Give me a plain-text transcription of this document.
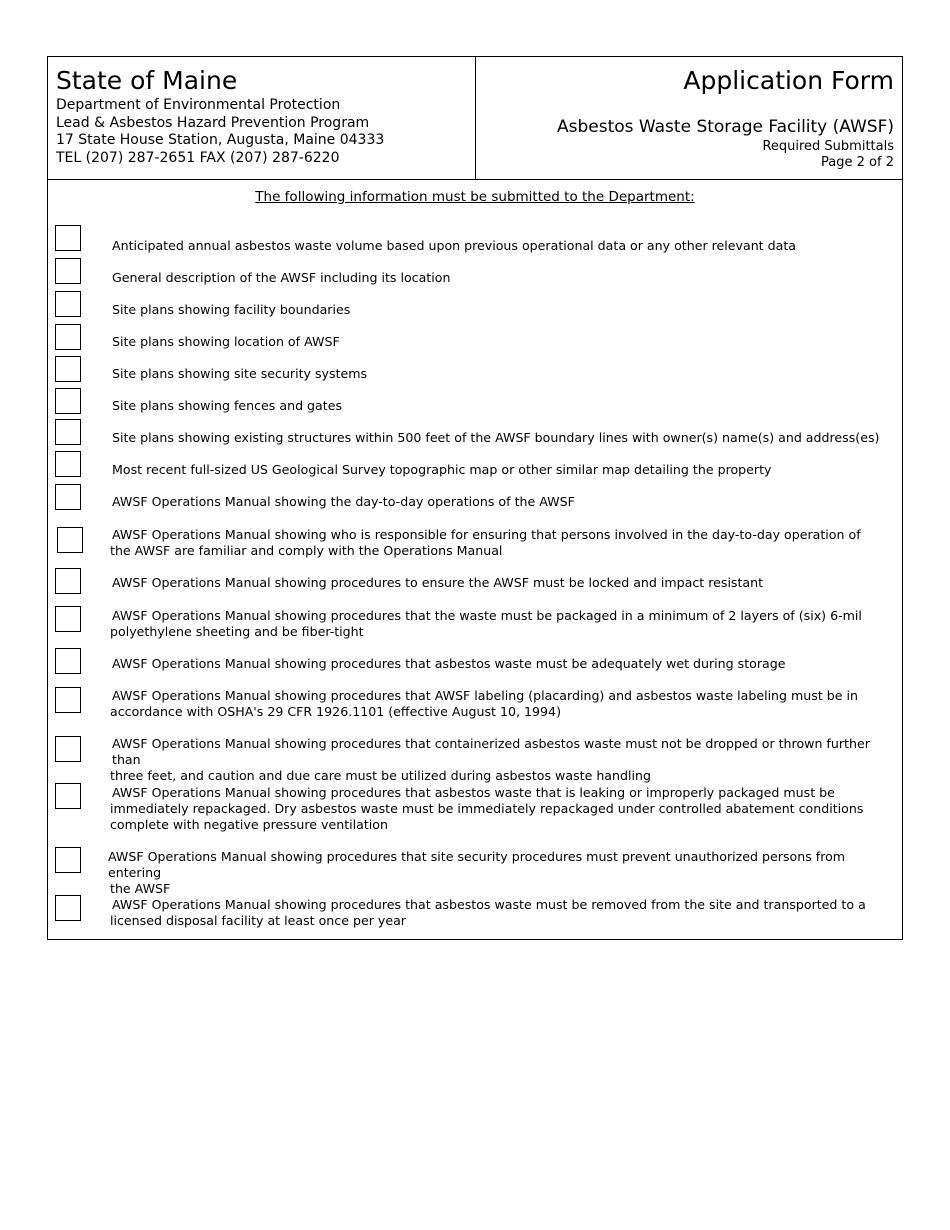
State of Maine
Department of Environmental Protection
Lead & Asbestos Hazard Prevention Program
17 State House Station, Augusta, Maine 04333
TEL (207) 287-2651 FAX (207) 287-6220
Application Form
Asbestos Waste Storage Facility (AWSF)
Required Submittals
Page 2 of 2
The following information must be submitted to the Department:
Anticipated annual asbestos waste volume based upon previous operational data or any other relevant data
General description of the AWSF including its location
Site plans showing facility boundaries
Site plans showing location of AWSF
Site plans showing site security systems
Site plans showing fences and gates
Site plans showing existing structures within 500 feet of the AWSF boundary lines with owner(s) name(s) and address(es)
Most recent full-sized US Geological Survey topographic map or other similar map detailing the property
AWSF Operations Manual showing the day-to-day operations of the AWSF
AWSF Operations Manual showing who is responsible for ensuring that persons involved in the day-to-day operation of
the AWSF are familiar and comply with the Operations Manual
AWSF Operations Manual showing procedures to ensure the AWSF must be locked and impact resistant
AWSF Operations Manual showing procedures that the waste must be packaged in a minimum of 2 layers of (six) 6-mil
polyethylene sheeting and be fiber-tight
AWSF Operations Manual showing procedures that asbestos waste must be adequately wet during storage
AWSF Operations Manual showing procedures that AWSF labeling (placarding) and asbestos waste labeling must be in
accordance with OSHA's 29 CFR 1926.1101 (effective August 10, 1994)
AWSF Operations Manual showing procedures that containerized asbestos waste must not be dropped or thrown further than
three feet, and caution and due care must be utilized during asbestos waste handling
AWSF Operations Manual showing procedures that asbestos waste that is leaking or improperly packaged must be
immediately repackaged. Dry asbestos waste must be immediately repackaged under controlled abatement conditions complete with negative pressure ventilation
AWSF Operations Manual showing procedures that site security procedures must prevent unauthorized persons from entering
the AWSF
AWSF Operations Manual showing procedures that asbestos waste must be removed from the site and transported to a
licensed disposal facility at least once per year
